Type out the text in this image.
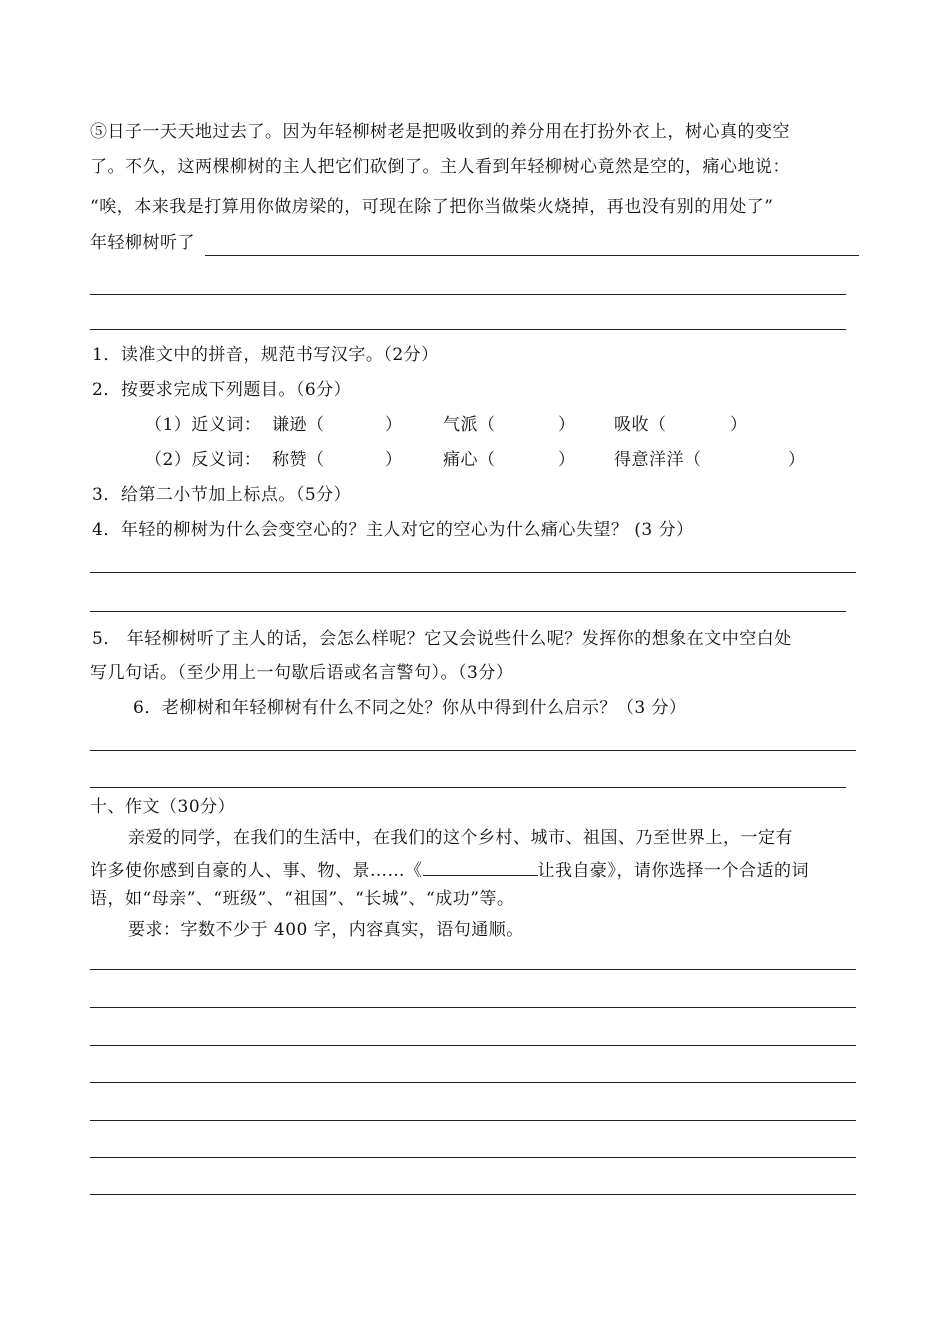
⑤日子一天天地过去了。因为年轻柳树老是把吸收到的养分用在打扮外衣上，树心真的变空
了。不久，这两棵柳树的主人把它们砍倒了。主人看到年轻柳树心竟然是空的，痛心地说：
“唉，本来我是打算用你做房梁的，可现在除了把你当做柴火烧掉，再也没有别的用处了”
年轻柳树听了
1．读准文中的拼音，规范书写汉字。（2分）
2．按要求完成下列题目。（6分）
（1）近义词： 谦逊（	） 气派（	） 吸收（	）
（2）反义词： 称赞（	） 痛心（	） 得意洋洋（	）
3．给第二小节加上标点。（5分）
4．年轻的柳树为什么会变空心的？主人对它的空心为什么痛心失望？ (3 分）
5． 年轻柳树听了主人的话，会怎么样呢？它又会说些什么呢？发挥你的想象在文中空白处
写几句话。（至少用上一句歇后语或名言警句）。（3分）
6．老柳树和年轻柳树有什么不同之处？你从中得到什么启示？（3 分）
十、作文（30分）
亲爱的同学，在我们的生活中，在我们的这个乡村、城市、祖国、乃至世界上，一定有
许多使你感到自豪的人、事、物、景……《	让我自豪》，请你选择一个合适的词
语，如“母亲”、“班级”、“祖国”、“长城”、“成功”等。
要求：字数不少于 400 字，内容真实，语句通顺。
